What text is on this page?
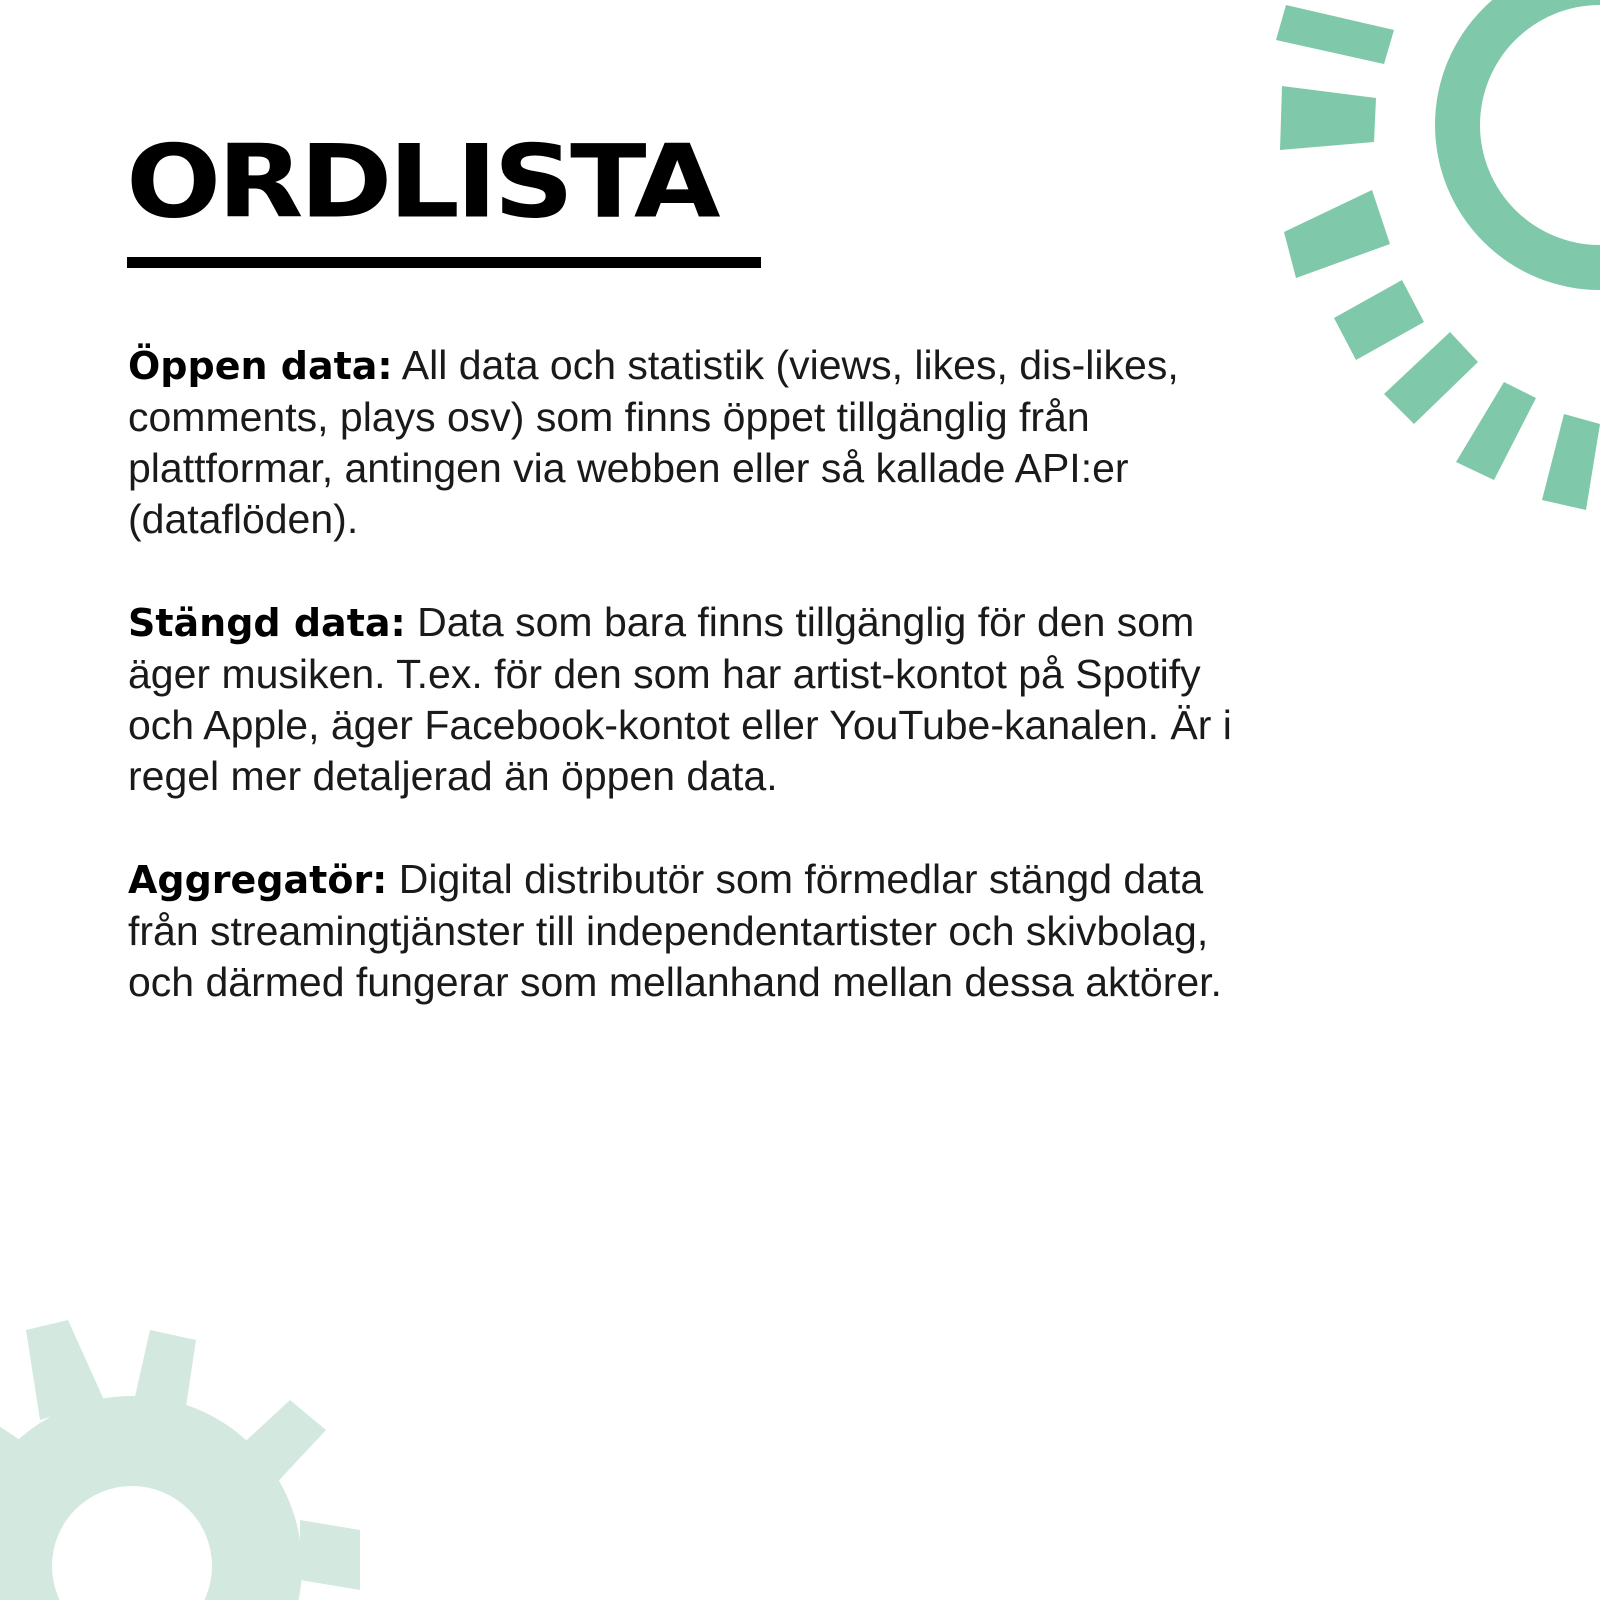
ORDLISTA

Öppen data: All data och statistik (views, likes, dis-likes, comments, plays osv) som finns öppet tillgänglig från plattformar, antingen via webben eller så kallade API:er (dataflöden).

Stängd data: Data som bara finns tillgänglig för den som äger musiken. T.ex. för den som har artist-kontot på Spotify och Apple, äger Facebook-kontot eller YouTube-kanalen. Är i regel mer detaljerad än öppen data.

Aggregatör: Digital distributör som förmedlar stängd data från streamingtjänster till independentartister och skivbolag, och därmed fungerar som mellanhand mellan dessa aktörer.
